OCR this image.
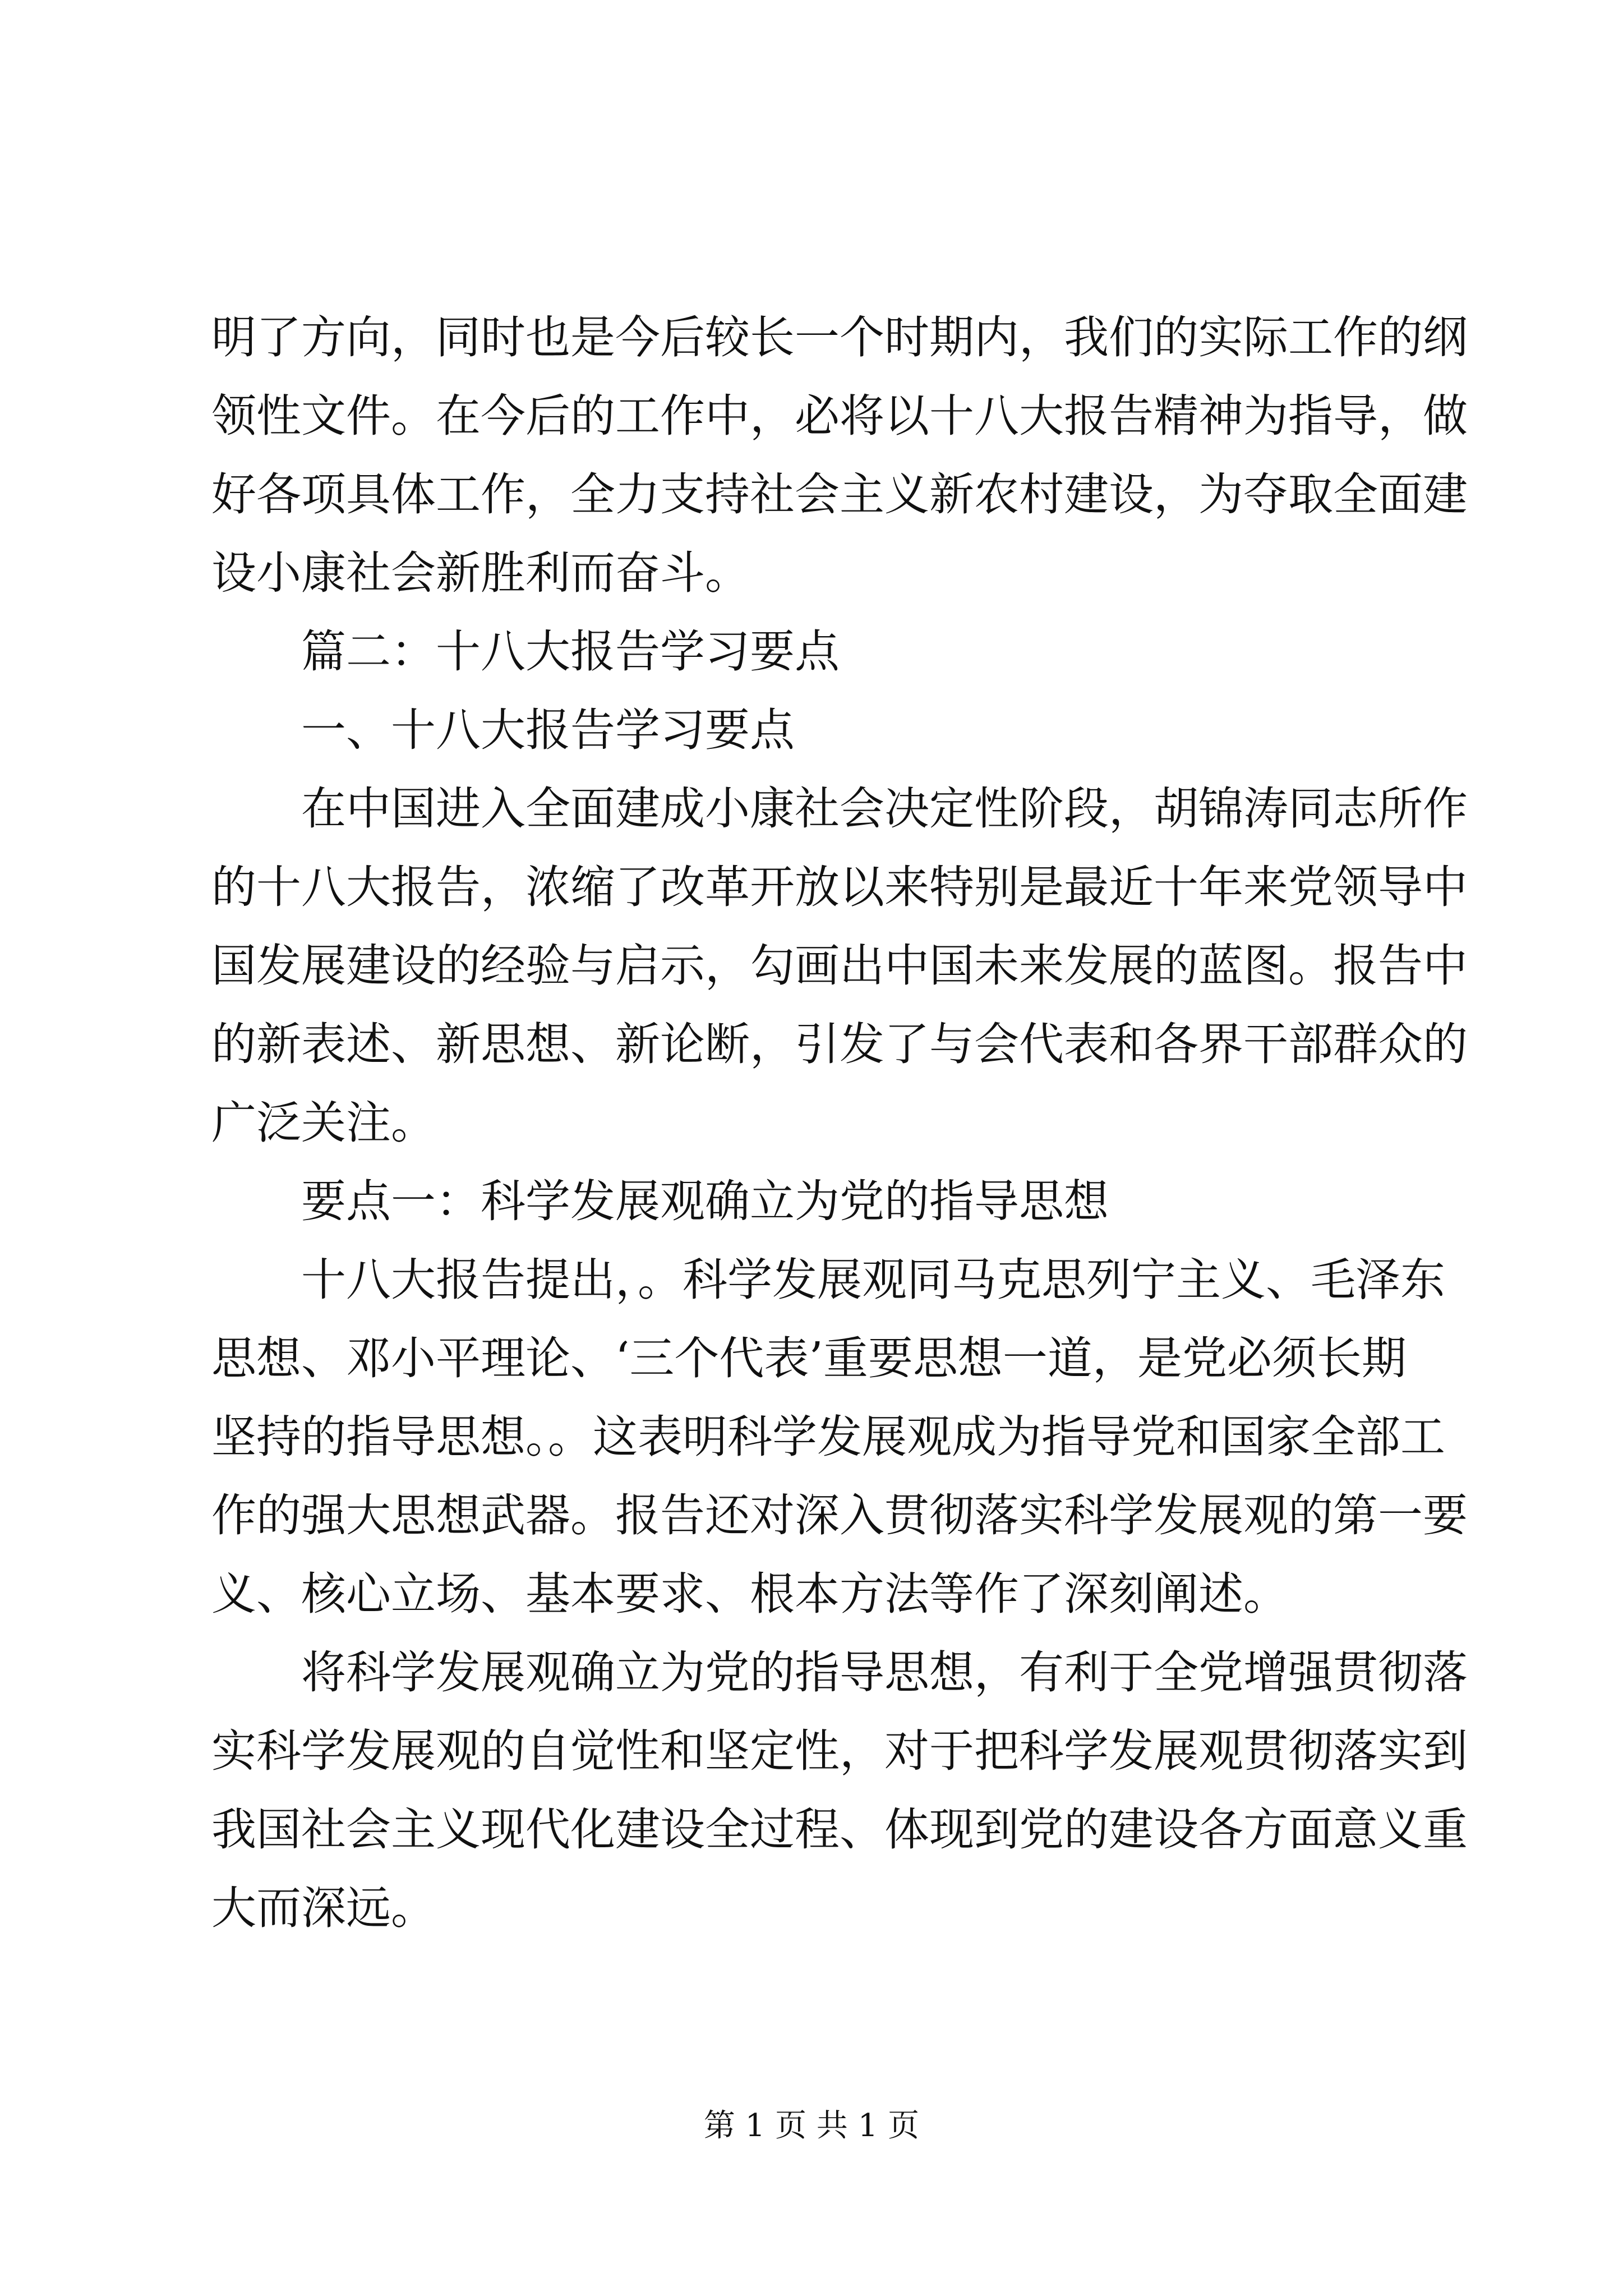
明了方向，同时也是今后较长一个时期内，我们的实际工作的纲

领性文件。在今后的工作中，必将以十八大报告精神为指导，做

好各项具体工作，全力支持社会主义新农村建设，为夺取全面建

设小康社会新胜利而奋斗。

篇二：十八大报告学习要点

一、十八大报告学习要点

在中国进入全面建成小康社会决定性阶段，胡锦涛同志所作

的十八大报告，浓缩了改革开放以来特别是最近十年来党领导中

国发展建设的经验与启示，勾画出中国未来发展的蓝图。报告中

的新表述、新思想、新论断，引发了与会代表和各界干部群众的

广泛关注。

要点一：科学发展观确立为党的指导思想

十八大报告提出，。科学发展观同马克思列宁主义、毛泽东

思想、邓小平理论、‘三个代表’重要思想一道，是党必须长期

坚持的指导思想。。这表明科学发展观成为指导党和国家全部工

作的强大思想武器。报告还对深入贯彻落实科学发展观的第一要

义、核心立场、基本要求、根本方法等作了深刻阐述。

将科学发展观确立为党的指导思想，有利于全党增强贯彻落

实科学发展观的自觉性和坚定性，对于把科学发展观贯彻落实到

我国社会主义现代化建设全过程、体现到党的建设各方面意义重

大而深远。

第 1 页 共 1 页
